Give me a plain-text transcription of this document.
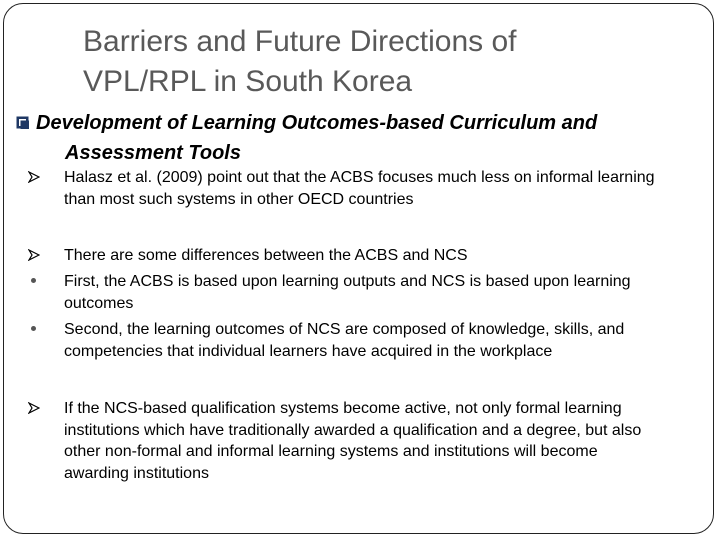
Barriers and Future Directions of
VPL/RPL in South Korea
Development of Learning Outcomes-based Curriculum and Assessment Tools
Halasz et al. (2009) point out that the ACBS focuses much less on informal learning than most such systems in other OECD countries
There are some differences between the ACBS and NCS
First, the ACBS is based upon learning outputs and NCS is based upon learning outcomes
Second, the learning outcomes of NCS are composed of knowledge, skills, and competencies that individual learners have acquired in the workplace
If the NCS-based qualification systems become active, not only formal learning institutions which have traditionally awarded a qualification and a degree, but also other non-formal and informal learning systems and institutions will become awarding institutions
